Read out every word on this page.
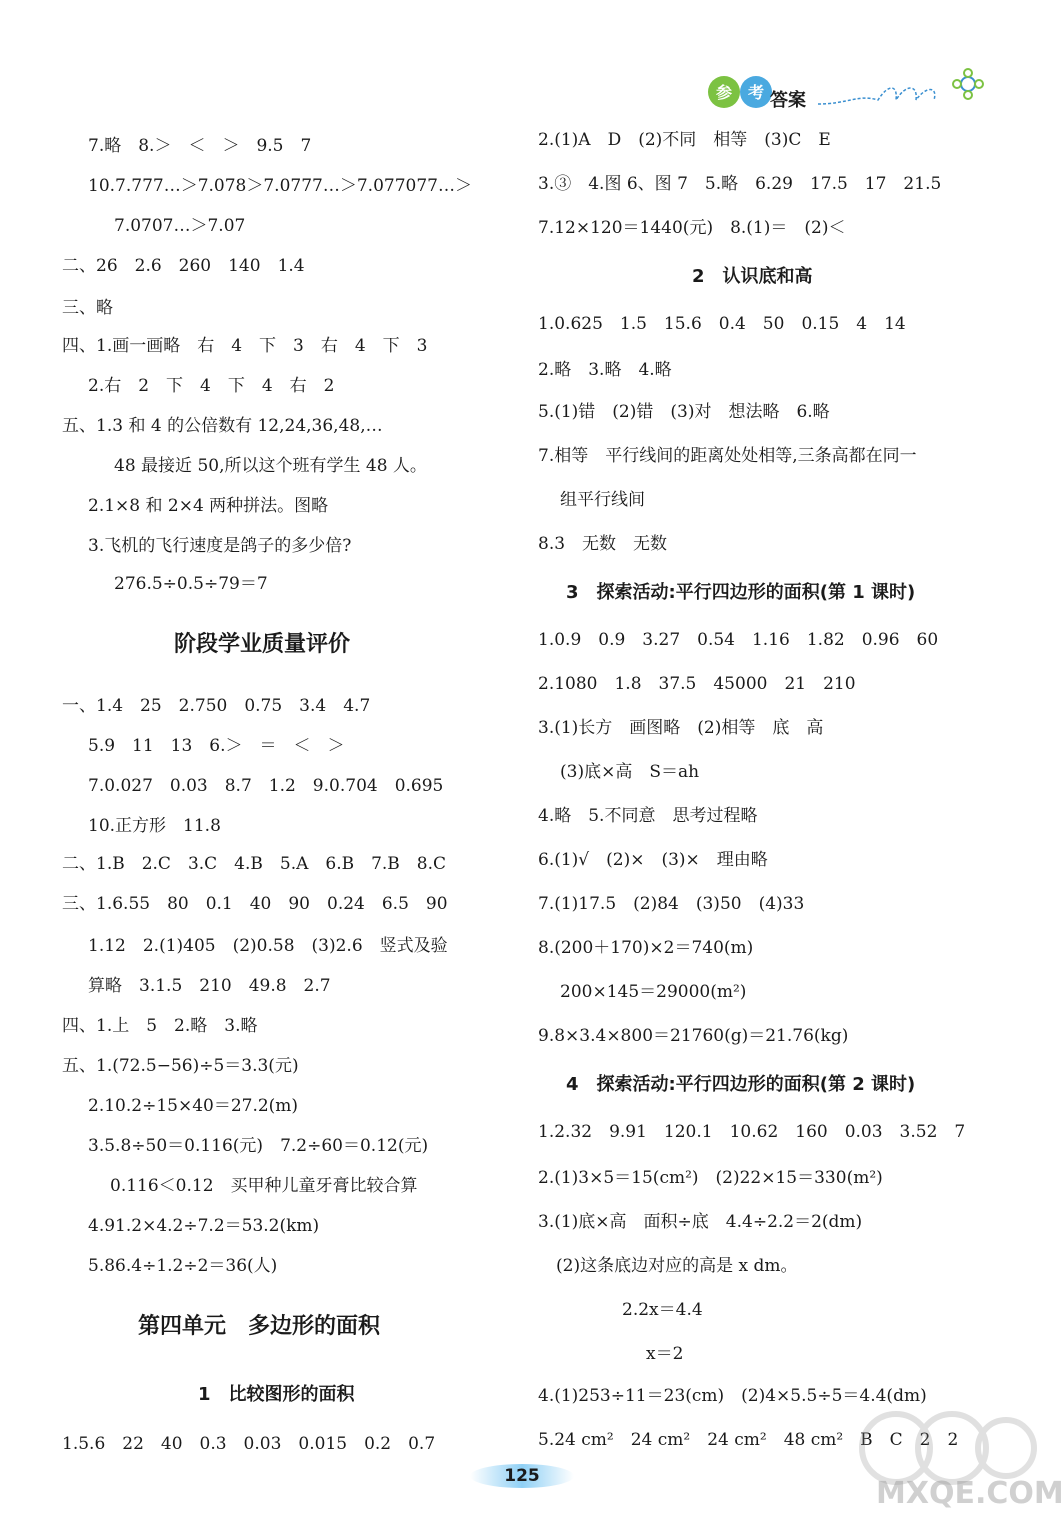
参 考 答案
7.略　8.＞　＜　＞　9.5　7
10.7.777…＞7.078＞7.0777…＞7.077077…＞
7.0707…＞7.07
二、26　2.6　260　140　1.4
三、略
四、1.画一画略　右　4　下　3　右　4　下　3
2.右　2　下　4　下　4　右　2
五、1.3 和 4 的公倍数有 12,24,36,48,…
48 最接近 50,所以这个班有学生 48 人。
2.1×8 和 2×4 两种拼法。图略
3.飞机的飞行速度是鸽子的多少倍?
276.5÷0.5÷79＝7
阶段学业质量评价
一、1.4　25　2.750　0.75　3.4　4.7
5.9　11　13　6.＞　＝　＜　＞
7.0.027　0.03　8.7　1.2　9.0.704　0.695
10.正方形　11.8
二、1.B　2.C　3.C　4.B　5.A　6.B　7.B　8.C
三、1.6.55　80　0.1　40　90　0.24　6.5　90
1.12　2.(1)405　(2)0.58　(3)2.6　竖式及验
算略　3.1.5　210　49.8　2.7
四、1.上　5　2.略　3.略
五、1.(72.5−56)÷5＝3.3(元)
2.10.2÷15×40＝27.2(m)
3.5.8÷50＝0.116(元)　7.2÷60＝0.12(元)
0.116＜0.12　买甲种儿童牙膏比较合算
4.91.2×4.2÷7.2＝53.2(km)
5.86.4÷1.2÷2＝36(人)
第四单元　多边形的面积
1　比较图形的面积
1.5.6　22　40　0.3　0.03　0.015　0.2　0.7
2.(1)A　D　(2)不同　相等　(3)C　E
3.③　4.图 6、图 7　5.略　6.29　17.5　17　21.5
7.12×120＝1440(元)　8.(1)＝　(2)＜
2　认识底和高
1.0.625　1.5　15.6　0.4　50　0.15　4　14
2.略　3.略　4.略
5.(1)错　(2)错　(3)对　想法略　6.略
7.相等　平行线间的距离处处相等,三条高都在同一
组平行线间
8.3　无数　无数
3　探索活动:平行四边形的面积(第 1 课时)
1.0.9　0.9　3.27　0.54　1.16　1.82　0.96　60
2.1080　1.8　37.5　45000　21　210
3.(1)长方　画图略　(2)相等　底　高
(3)底×高　S＝ah
4.略　5.不同意　思考过程略
6.(1)√　(2)×　(3)×　理由略
7.(1)17.5　(2)84　(3)50　(4)33
8.(200＋170)×2＝740(m)
200×145＝29000(m²)
9.8×3.4×800＝21760(g)＝21.76(kg)
4　探索活动:平行四边形的面积(第 2 课时)
1.2.32　9.91　120.1　10.62　160　0.03　3.52　7
2.(1)3×5＝15(cm²)　(2)22×15＝330(m²)
3.(1)底×高　面积÷底　4.4÷2.2＝2(dm)
(2)这条底边对应的高是 x dm。
2.2x＝4.4
x＝2
4.(1)253÷11＝23(cm)　(2)4×5.5÷5＝4.4(dm)
5.24 cm²　24 cm²　24 cm²　48 cm²　B　C　2　2
125	MXQE.COM
